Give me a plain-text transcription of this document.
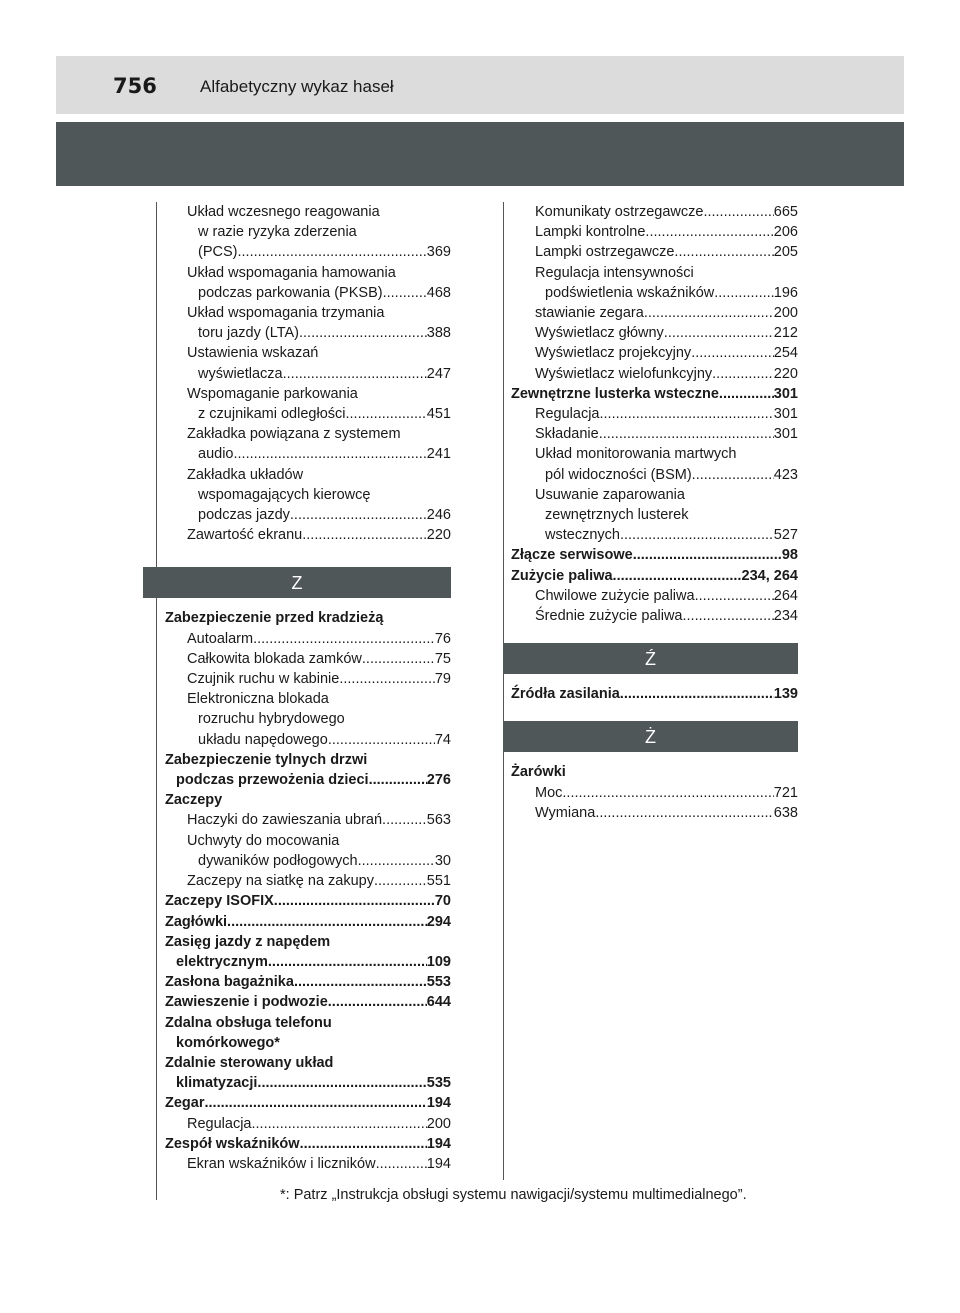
756	Alfabetyczny wykaz haseł
Układ wczesnego reagowania
w razie ryzyka zderzenia
(PCS) .....	369
Układ wspomagania hamowania
podczas parkowania (PKSB) .....	468
Układ wspomagania trzymania
toru jazdy (LTA) .....	388
Ustawienia wskazań
wyświetlacza .....	247
Wspomaganie parkowania
z czujnikami odległości .....	451
Zakładka powiązana z systemem
audio .....	241
Zakładka układów
wspomagających kierowcę
podczas jazdy .....	246
Zawartość ekranu .....	220
Z
Zabezpieczenie przed kradzieżą
Autoalarm .....	76
Całkowita blokada zamków .....	75
Czujnik ruchu w kabinie .....	79
Elektroniczna blokada
rozruchu hybrydowego
układu napędowego .....	74
Zabezpieczenie tylnych drzwi
podczas przewożenia dzieci .....	276
Zaczepy
Haczyki do zawieszania ubrań .....	563
Uchwyty do mocowania
dywaników podłogowych .....	30
Zaczepy na siatkę na zakupy .....	551
Zaczepy ISOFIX .....	70
Zagłówki .....	294
Zasięg jazdy z napędem
elektrycznym .....	109
Zasłona bagażnika .....	553
Zawieszenie i podwozie .....	644
Zdalna obsługa telefonu
komórkowego*
Zdalnie sterowany układ
klimatyzacji .....	535
Zegar .....	194
Regulacja .....	200
Zespół wskaźników .....	194
Ekran wskaźników i liczników .....	194
Komunikaty ostrzegawcze .....	665
Lampki kontrolne .....	206
Lampki ostrzegawcze .....	205
Regulacja intensywności
podświetlenia wskaźników .....	196
stawianie zegara .....	200
Wyświetlacz główny .....	212
Wyświetlacz projekcyjny .....	254
Wyświetlacz wielofunkcyjny .....	220
Zewnętrzne lusterka wsteczne .....	301
Regulacja .....	301
Składanie .....	301
Układ monitorowania martwych
pól widoczności (BSM) .....	423
Usuwanie zaparowania
zewnętrznych lusterek
wstecznych .....	527
Złącze serwisowe .....	98
Zużycie paliwa .....	234, 264
Chwilowe zużycie paliwa .....	264
Średnie zużycie paliwa .....	234
Ź
Źródła zasilania .....	139
Ż
Żarówki
Moc .....	721
Wymiana .....	638
*: Patrz „Instrukcja obsługi systemu nawigacji/systemu multimedialnego”.
